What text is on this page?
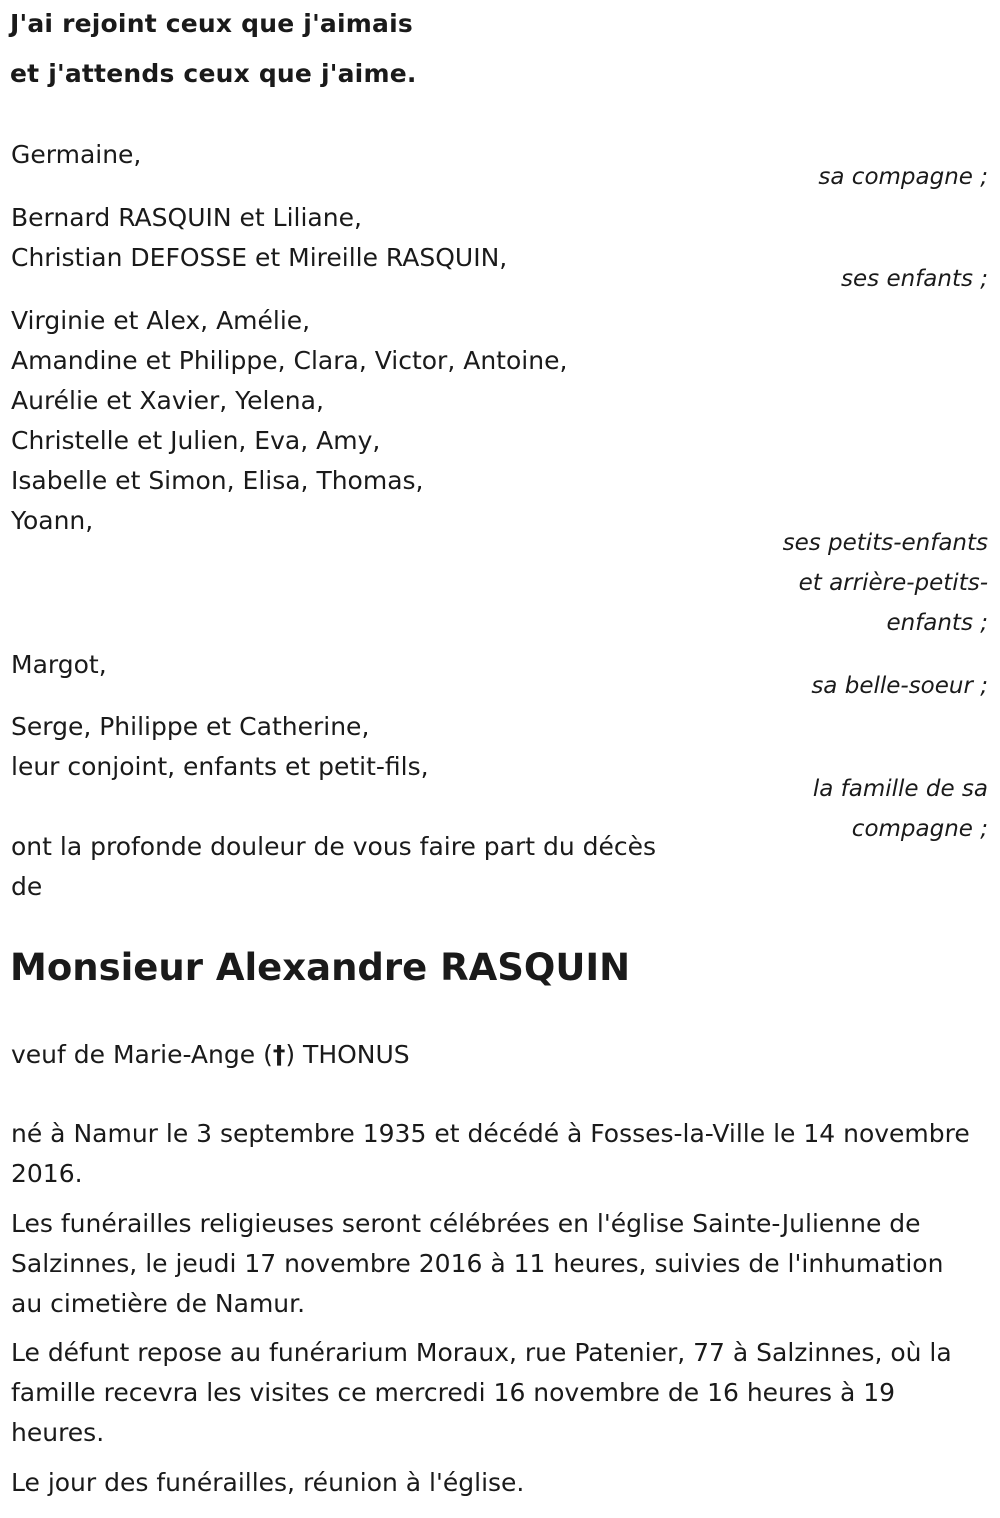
J'ai rejoint ceux que j'aimais
et j'attends ceux que j'aime.
Germaine,
sa compagne ;
Bernard RASQUIN et Liliane,
Christian DEFOSSE et Mireille RASQUIN,
ses enfants ;
Virginie et Alex, Amélie,
Amandine et Philippe, Clara, Victor, Antoine,
Aurélie et Xavier, Yelena,
Christelle et Julien, Eva, Amy,
Isabelle et Simon, Elisa, Thomas,
Yoann,
ses petits-enfants
et arrière-petits-
enfants ;
Margot,
sa belle-soeur ;
Serge, Philippe et Catherine,
leur conjoint, enfants et petit-fils,
la famille de sa
compagne ;
ont la profonde douleur de vous faire part du décès
de
Monsieur Alexandre RASQUIN
veuf de Marie-Ange (†) THONUS
né à Namur le 3 septembre 1935 et décédé à Fosses-la-Ville le 14 novembre 2016.
Les funérailles religieuses seront célébrées en l'église Sainte-Julienne de Salzinnes, le jeudi 17 novembre 2016 à 11 heures, suivies de l'inhumation au cimetière de Namur.
Le défunt repose au funérarium Moraux, rue Patenier, 77 à Salzinnes, où la famille recevra les visites ce mercredi 16 novembre de 16 heures à 19 heures.
Le jour des funérailles, réunion à l'église.
